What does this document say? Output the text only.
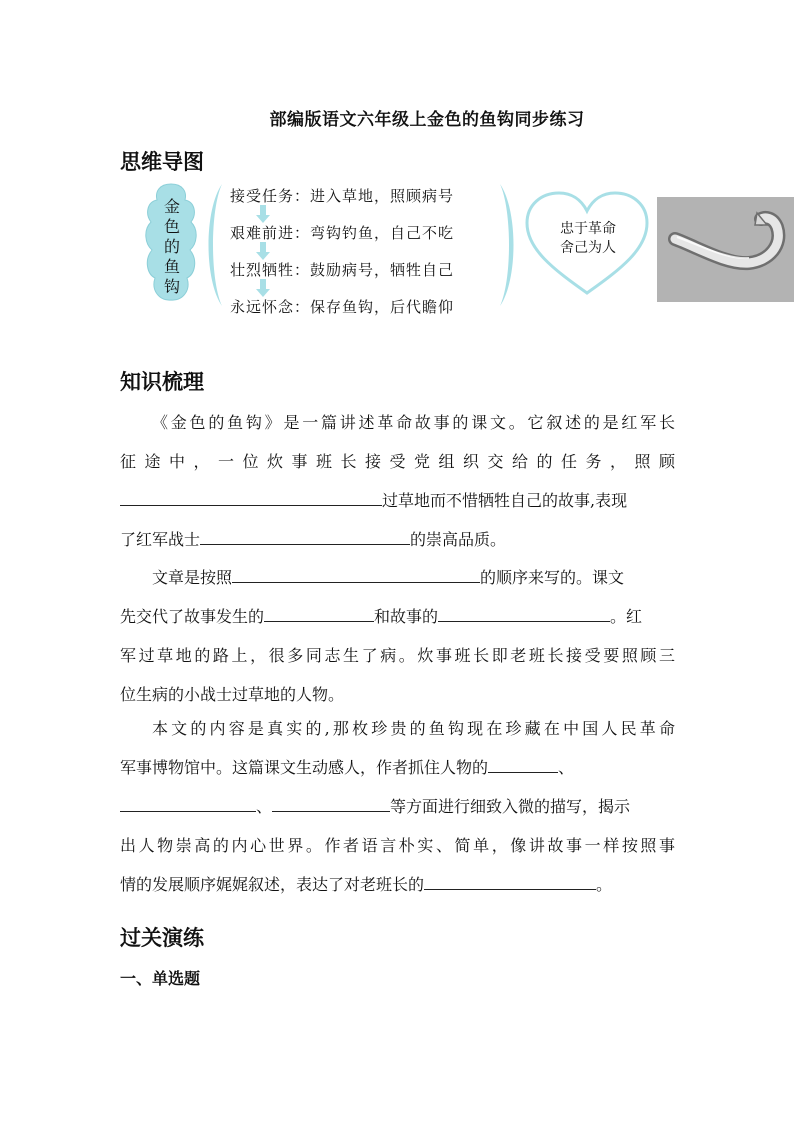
部编版语文六年级上金色的鱼钩同步练习
思维导图
金
色
的
鱼
钩
接受任务：进入草地，照顾病号
艰难前进：弯钩钓鱼，自己不吃
壮烈牺牲：鼓励病号，牺牲自己
永远怀念：保存鱼钩，后代瞻仰
忠于革命
舍己为人
知识梳理
《金色的鱼钩》是一篇讲述革命故事的课文。它叙述的是红军长
征途中，一位炊事班长接受党组织交给的任务，照顾
过草地而不惜牺牲自己的故事,表现
了红军战士	的崇高品质。
文章是按照	的顺序来写的。课文
先交代了故事发生的	和故事的	。红
军过草地的路上，很多同志生了病。炊事班长即老班长接受要照顾三
位生病的小战士过草地的人物。
本文的内容是真实的,那枚珍贵的鱼钩现在珍藏在中国人民革命
军事博物馆中。这篇课文生动感人，作者抓住人物的	、
、	等方面进行细致入微的描写，揭示
出人物崇高的内心世界。作者语言朴实、简单，像讲故事一样按照事
情的发展顺序娓娓叙述，表达了对老班长的	。
过关演练
一、单选题
